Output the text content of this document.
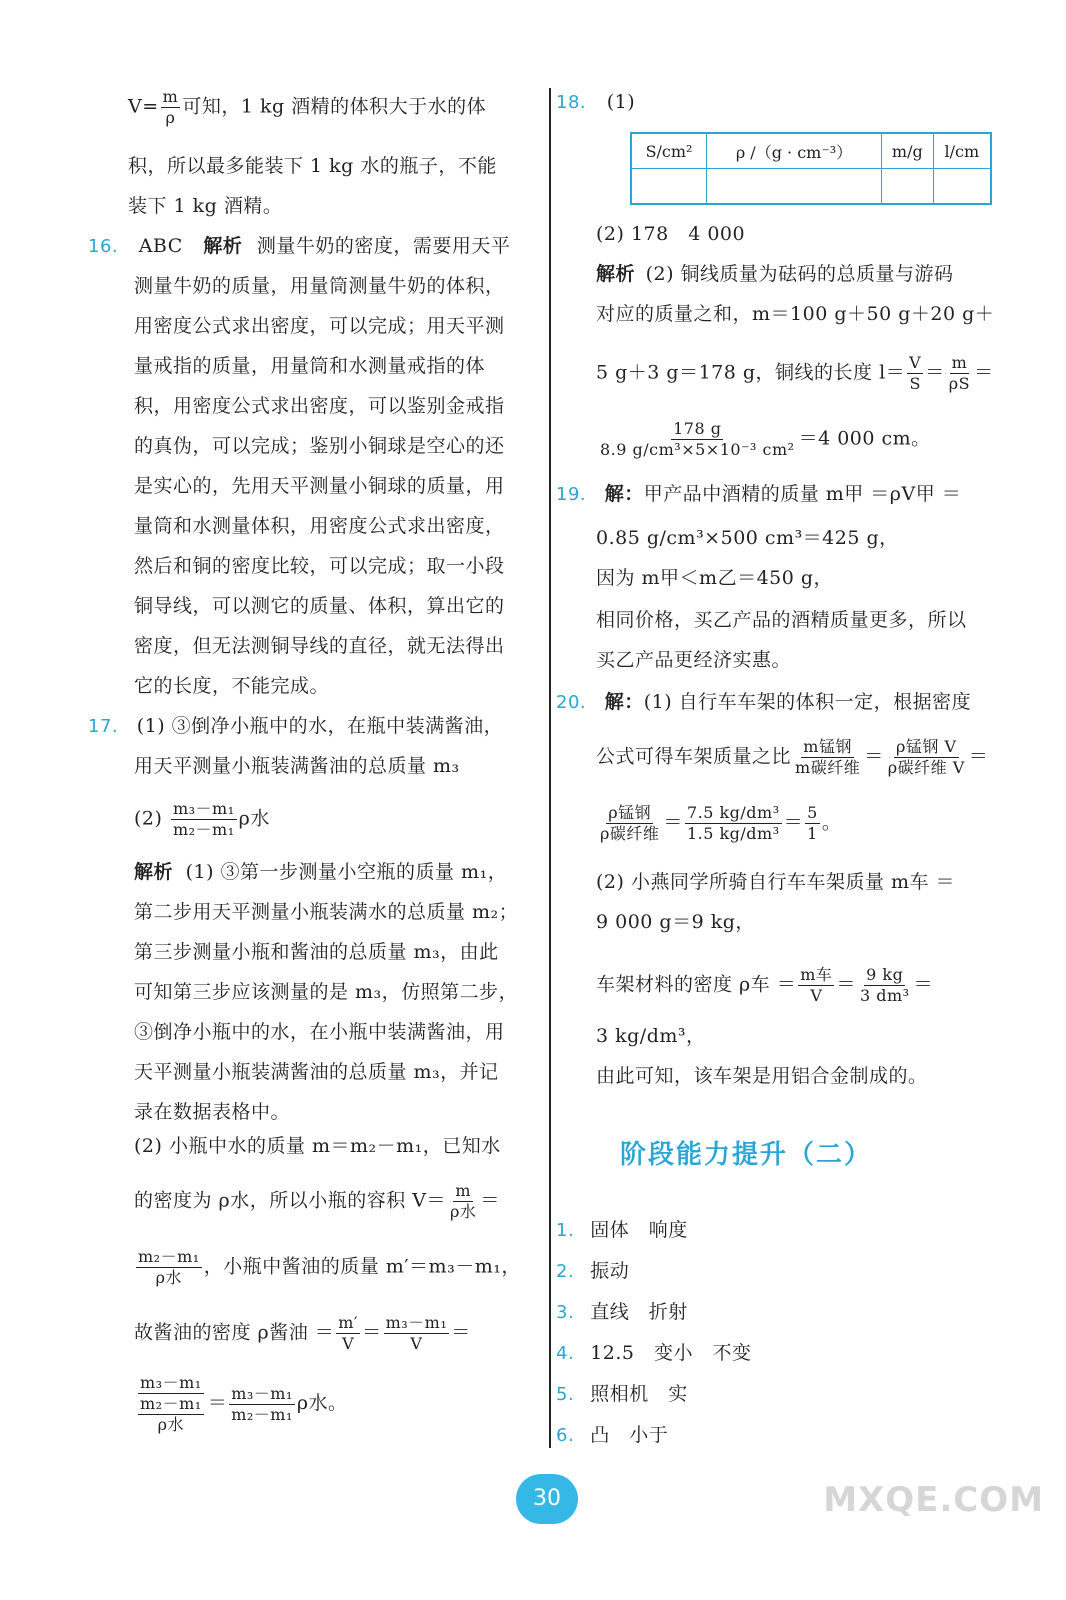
$V= \frac{m}{\rho}$ 可知，1 kg 酒精的体积大于水的体
积，所以最多能装下 1 kg 水的瓶子，不能
装下 1 kg 酒精。
16. ABC 解析 测量牛奶的密度，需要用天平
测量牛奶的质量，用量筒测量牛奶的体积，
用密度公式求出密度，可以完成；用天平测
量戒指的质量，用量筒和水测量戒指的体
积，用密度公式求出密度，可以鉴别金戒指
的真伪，可以完成；鉴别小铜球是空心的还
是实心的，先用天平测量小铜球的质量，用
量筒和水测量体积，用密度公式求出密度，
然后和铜的密度比较，可以完成；取一小段
铜导线，可以测它的质量、体积，算出它的
密度，但无法测铜导线的直径，就无法得出
它的长度，不能完成。
17. (1) ③倒净小瓶中的水，在瓶中装满酱油，
用天平测量小瓶装满酱油的总质量 m₃
$(2) \frac{\text{m₃－m₁}}{\text{m₂－m₁}}$ ρ水
解析 (1) ③第一步测量小空瓶的质量 m₁，
第二步用天平测量小瓶装满水的总质量 m₂；
第三步测量小瓶和酱油的总质量 m₃，由此
可知第三步应该测量的是 m₃，仿照第二步，
③倒净小瓶中的水，在小瓶中装满酱油，用
天平测量小瓶装满酱油的总质量 m₃，并记
录在数据表格中。
(2) 小瓶中水的质量 m＝m₂－m₁，已知水
的密度为 ρ水，所以小瓶的容积 $V= \frac{m}{\text{ρ水}}$ ＝
$\frac{\text{m₂－m₁}}{\text{ρ水}}$ ，小瓶中酱油的质量 m′＝m₃－m₁，
故酱油的密度 ρ酱油 ＝ $\frac{m'}{V} = \frac{\text{m₃－m₁}}{V}$ ＝
$\frac{\text{m₃－m₁}}{\frac{\text{m₂－m₁}}{\text{ρ水}}} = \frac{\text{m₃－m₁}}{\text{m₂－m₁}}$ ρ水。
18. (1)
S/cm²	ρ /（g · cm⁻³）	m/g	l/cm

(2) 178　4 000
解析 (2) 铜线质量为砝码的总质量与游码
对应的质量之和，m＝100 g＋50 g＋20 g＋
5 g＋3 g＝178 g，铜线的长度 $l= \frac{V}{S} = \frac{m}{\rho S}$ ＝
$\frac{178 g}{\text{8.9 g/cm³×5×10⁻³ cm²}} =4$ 000 cm。
19. 解：甲产品中酒精的质量 m甲 ＝ρV甲 ＝
0.85 g/cm³×500 cm³＝425 g，
因为 m甲＜m乙＝450 g，
相同价格，买乙产品的酒精质量更多，所以
买乙产品更经济实惠。
20. 解：(1) 自行车车架的体积一定，根据密度
公式可得车架质量之比 $\frac{\text{m锰钢}}{\text{m碳纤维}} = \frac{\text{ρ锰钢 V}}{\text{ρ碳纤维 V}}$ ＝
$\frac{\text{ρ锰钢}}{\text{ρ碳纤维}} = \frac{\text{7.5 kg/dm³}}{\text{1.5 kg/dm³}} = \frac{5}{1}$ 。
(2) 小燕同学所骑自行车车架质量 m车 ＝
9 000 g＝9 kg，
车架材料的密度 ρ车 ＝ $\frac{\text{m车}}{V} = \frac{9 kg}{\text{3 dm³}}$ ＝
3 kg/dm³，
由此可知，该车架是用铝合金制成的。
阶段能力提升（二）
1. 固体　响度
2. 振动
3. 直线　折射
4. 12.5　变小　不变
5. 照相机　实
6. 凸　小于
30	MXQE.COM
